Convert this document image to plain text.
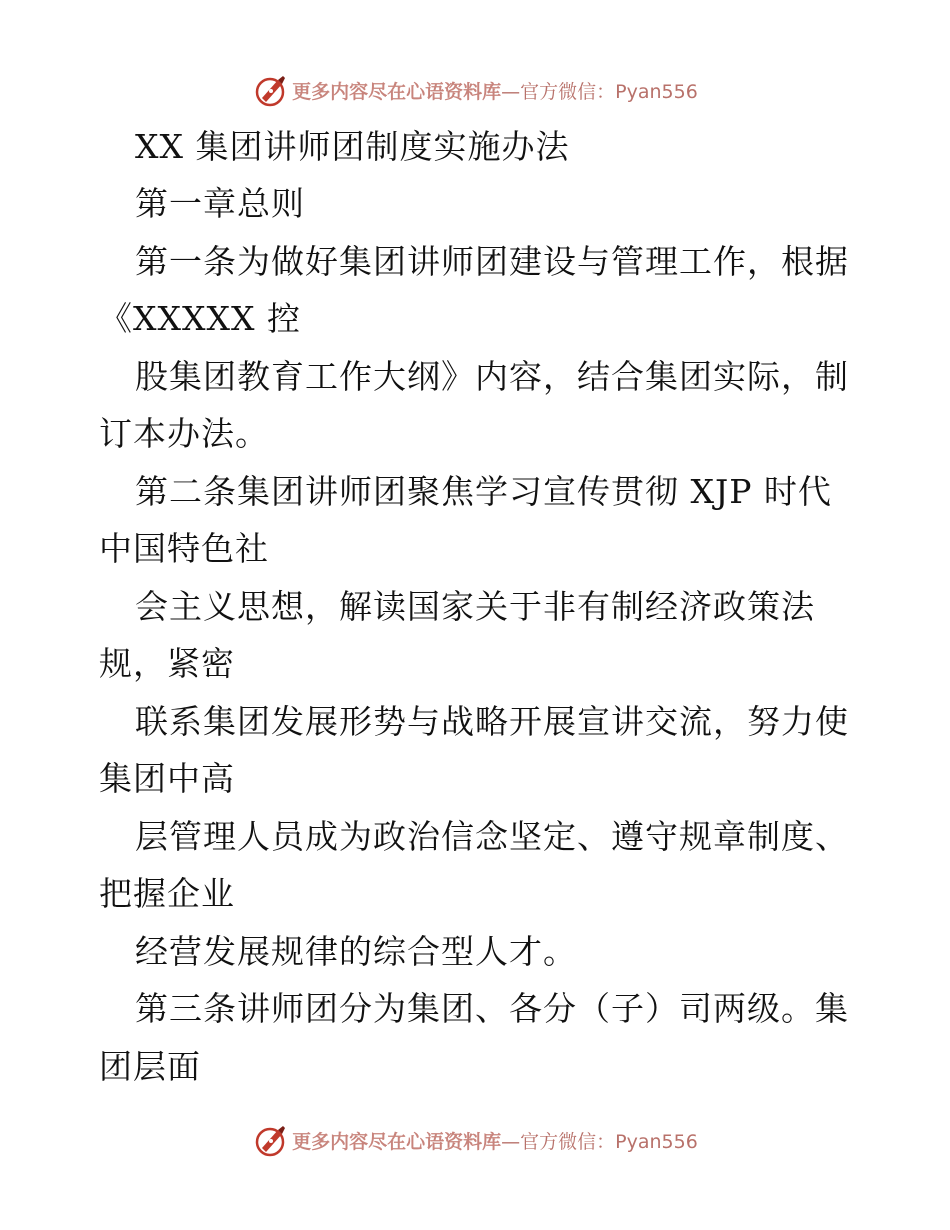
更多内容尽在心语资料库—官方微信：Pyan556
XX 集团讲师团制度实施办法
第一章总则
第一条为做好集团讲师团建设与管理工作，根据
《XXXXX 控
股集团教育工作大纲》内容，结合集团实际，制
订本办法。
第二条集团讲师团聚焦学习宣传贯彻 XJP 时代
中国特色社
会主义思想，解读国家关于非有制经济政策法
规，紧密
联系集团发展形势与战略开展宣讲交流，努力使
集团中高
层管理人员成为政治信念坚定、遵守规章制度、
把握企业
经营发展规律的综合型人才。
第三条讲师团分为集团、各分（子）司两级。集
团层面
更多内容尽在心语资料库—官方微信：Pyan556
